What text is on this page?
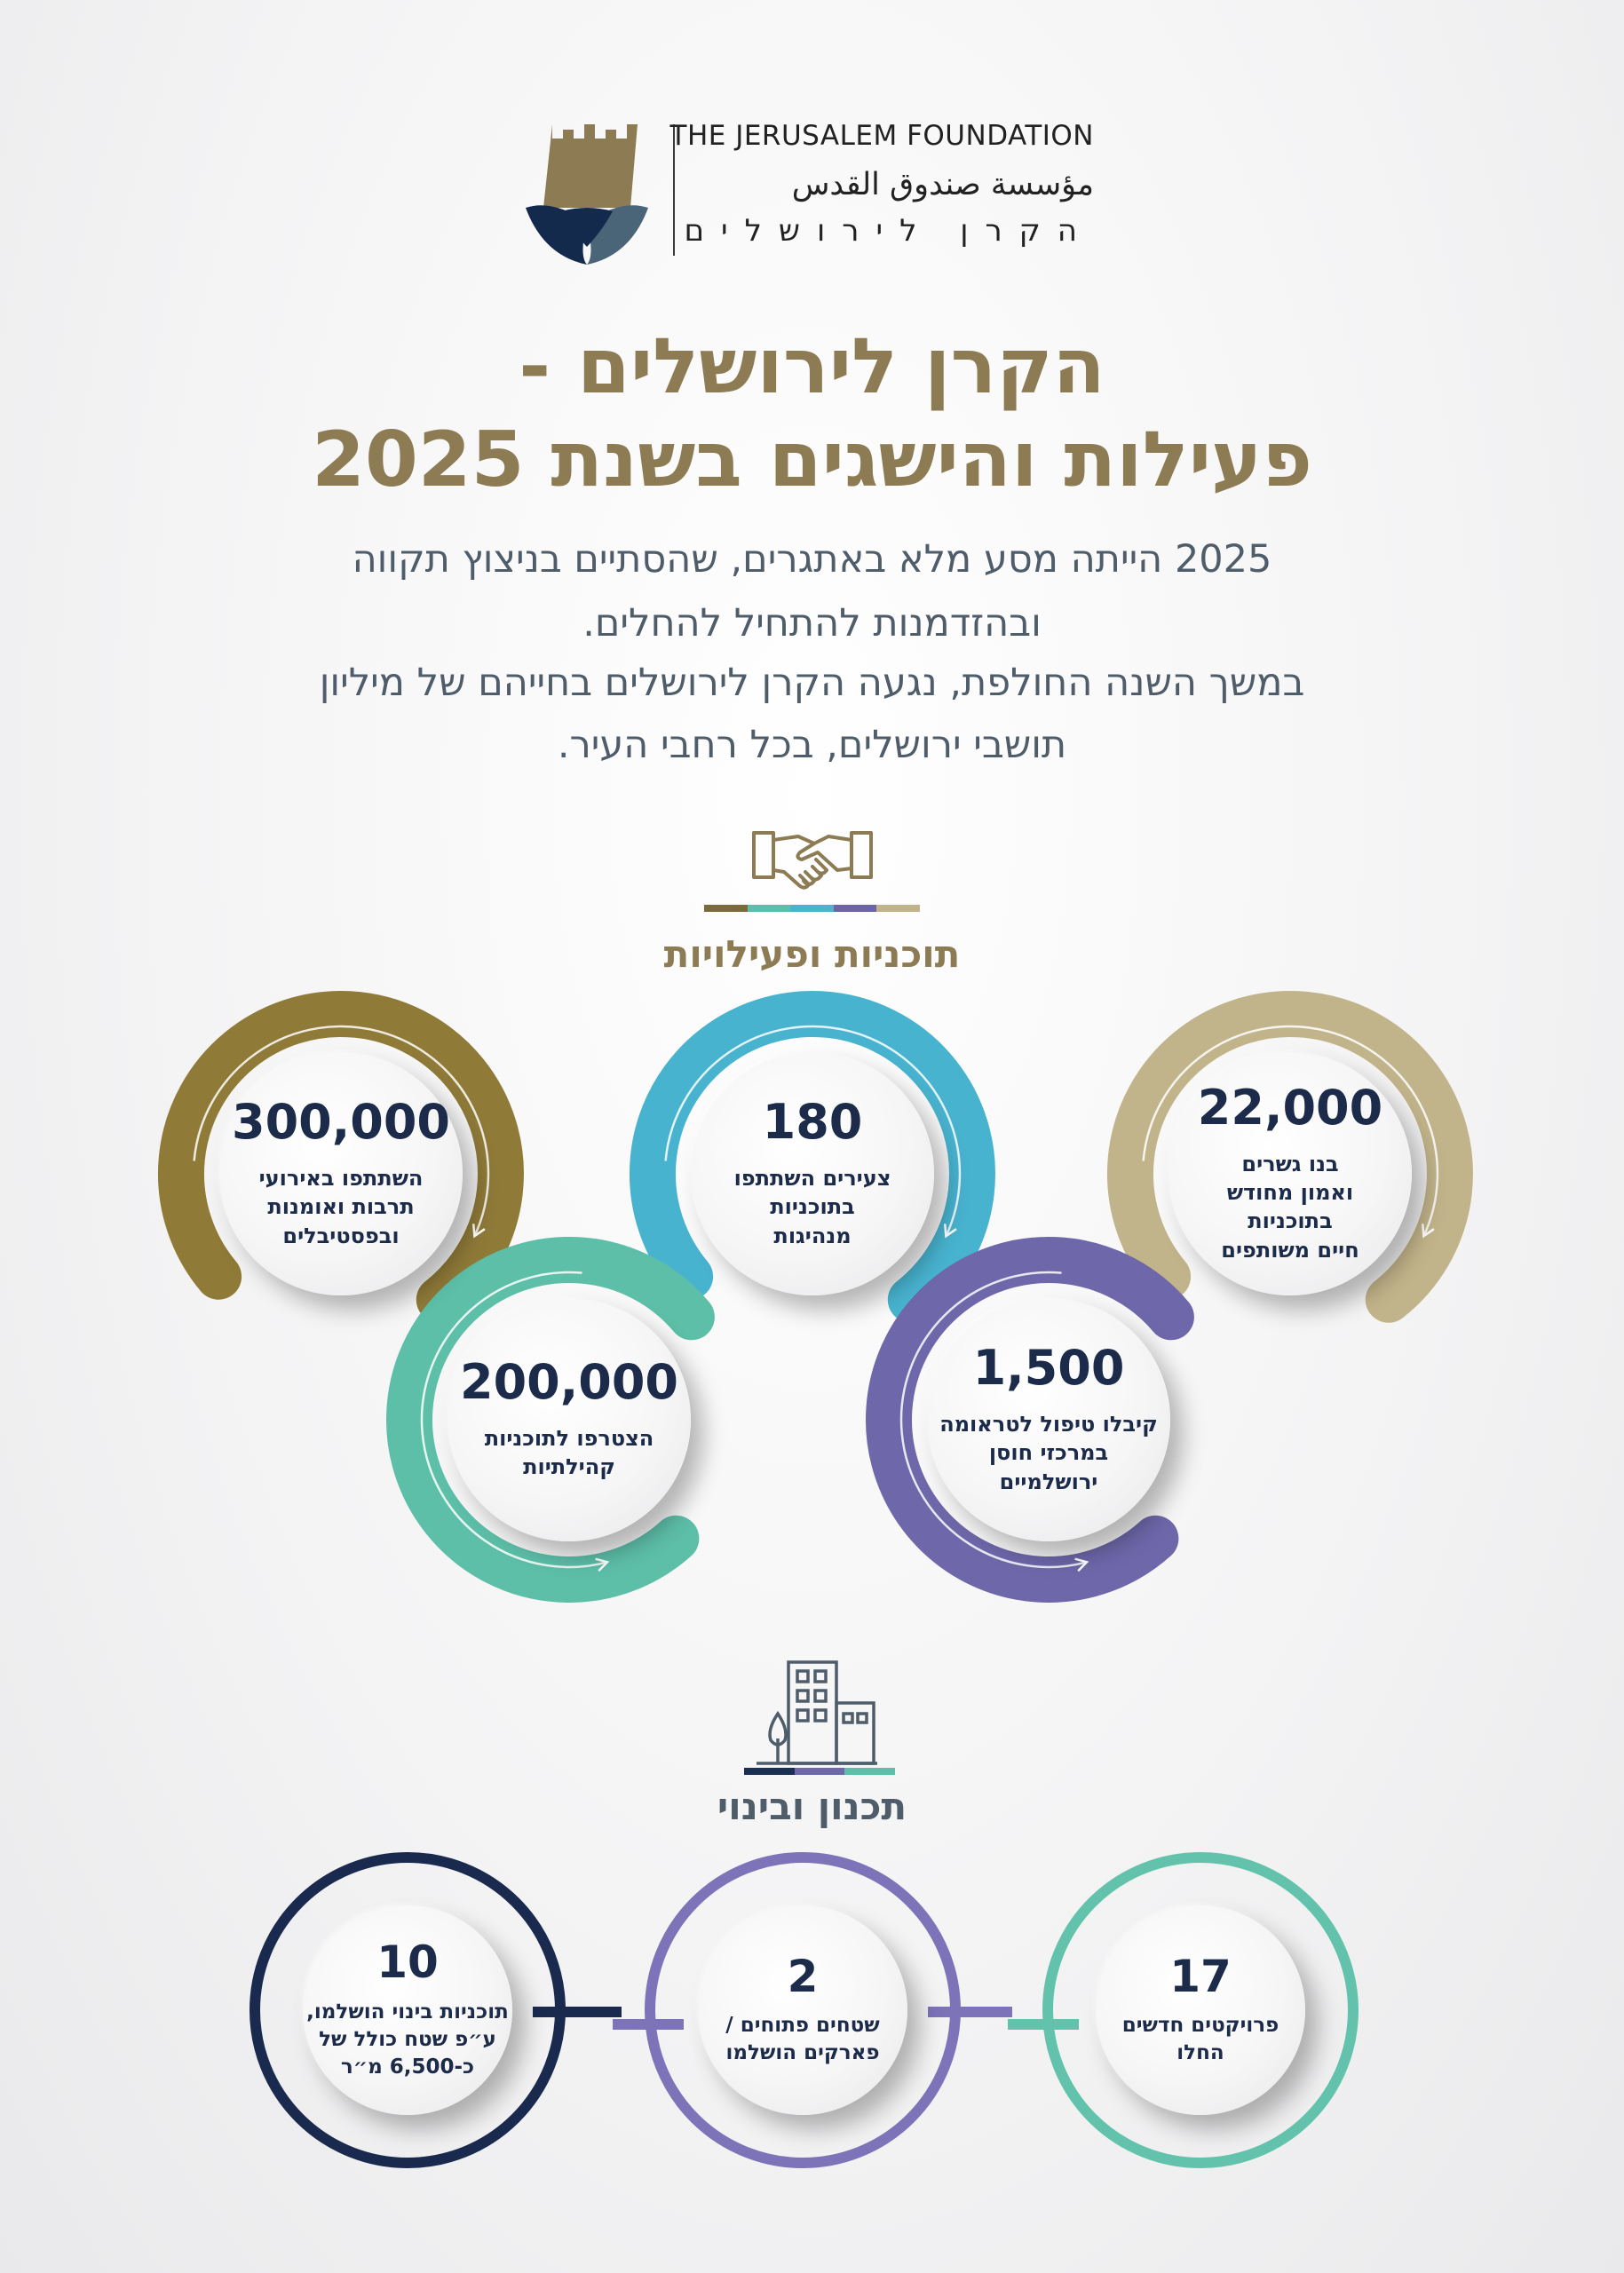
THE JERUSALEM FOUNDATION
مؤسسة صندوق القدس
הקרן לירושלים
הקרן לירושלים -
פעילות והישגים בשנת 2025
2025 הייתה מסע מלא באתגרים, שהסתיים בניצוץ תקווה
ובהזדמנות להתחיל להחלים.
במשך השנה החולפת, נגעה הקרן לירושלים בחייהם של מיליון
תושבי ירושלים, בכל רחבי העיר.
תוכניות ופעילויות
300,000
השתתפו באירועי
תרבות ואומנות
ובפסטיבלים
180
צעירים השתתפו
בתוכניות
מנהיגות
22,000
בנו גשרים
ואמון מחודש
בתוכניות
חיים משותפים
200,000
הצטרפו לתוכניות
קהילתיות
1,500
קיבלו טיפול לטראומה
במרכזי חוסן
ירושלמיים
תכנון ובינוי
10
תוכניות בינוי הושלמו,
ע״פ שטח כולל של
כ-6,500 מ״ר
2
שטחים פתוחים /
פארקים הושלמו
17
פרויקטים חדשים
החלו
